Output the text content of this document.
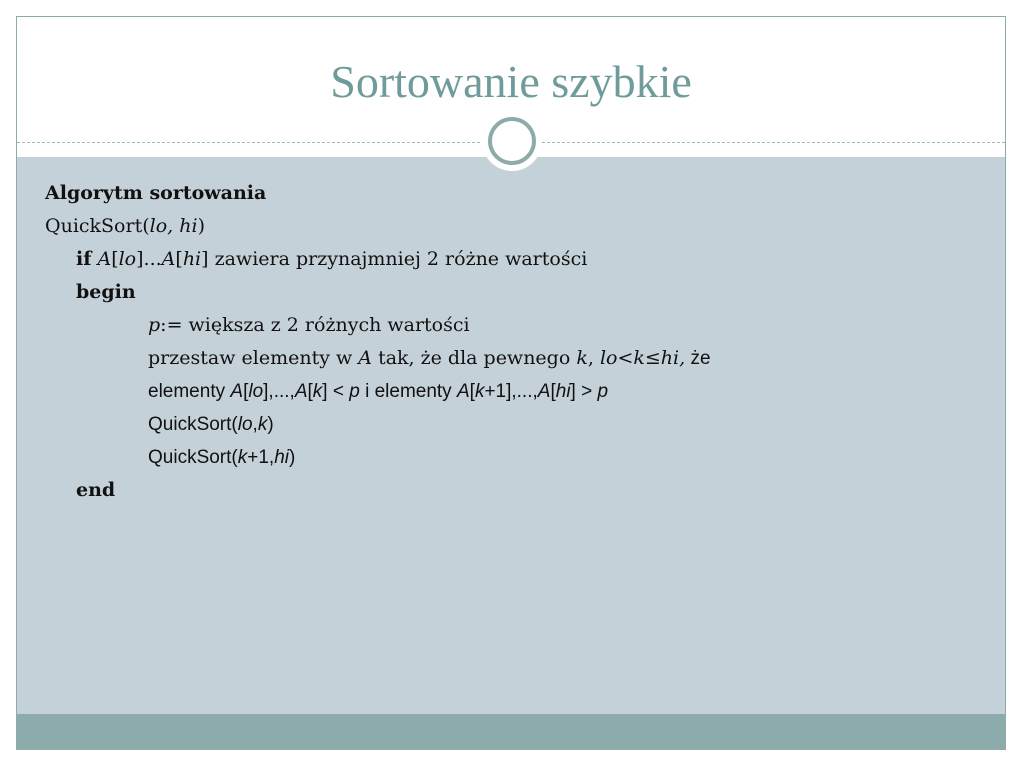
Sortowanie szybkie
Algorytm sortowania
QuickSort(lo, hi)
if A[lo]...A[hi] zawiera przynajmniej 2 różne wartości
begin
p:= większa z 2 różnych wartości
przestaw elementy w A tak, że dla pewnego k, lo<k≤hi, że
elementy A[lo],...,A[k] < p i elementy A[k+1],...,A[hi] > p
QuickSort(lo,k)
QuickSort(k+1,hi)
end
